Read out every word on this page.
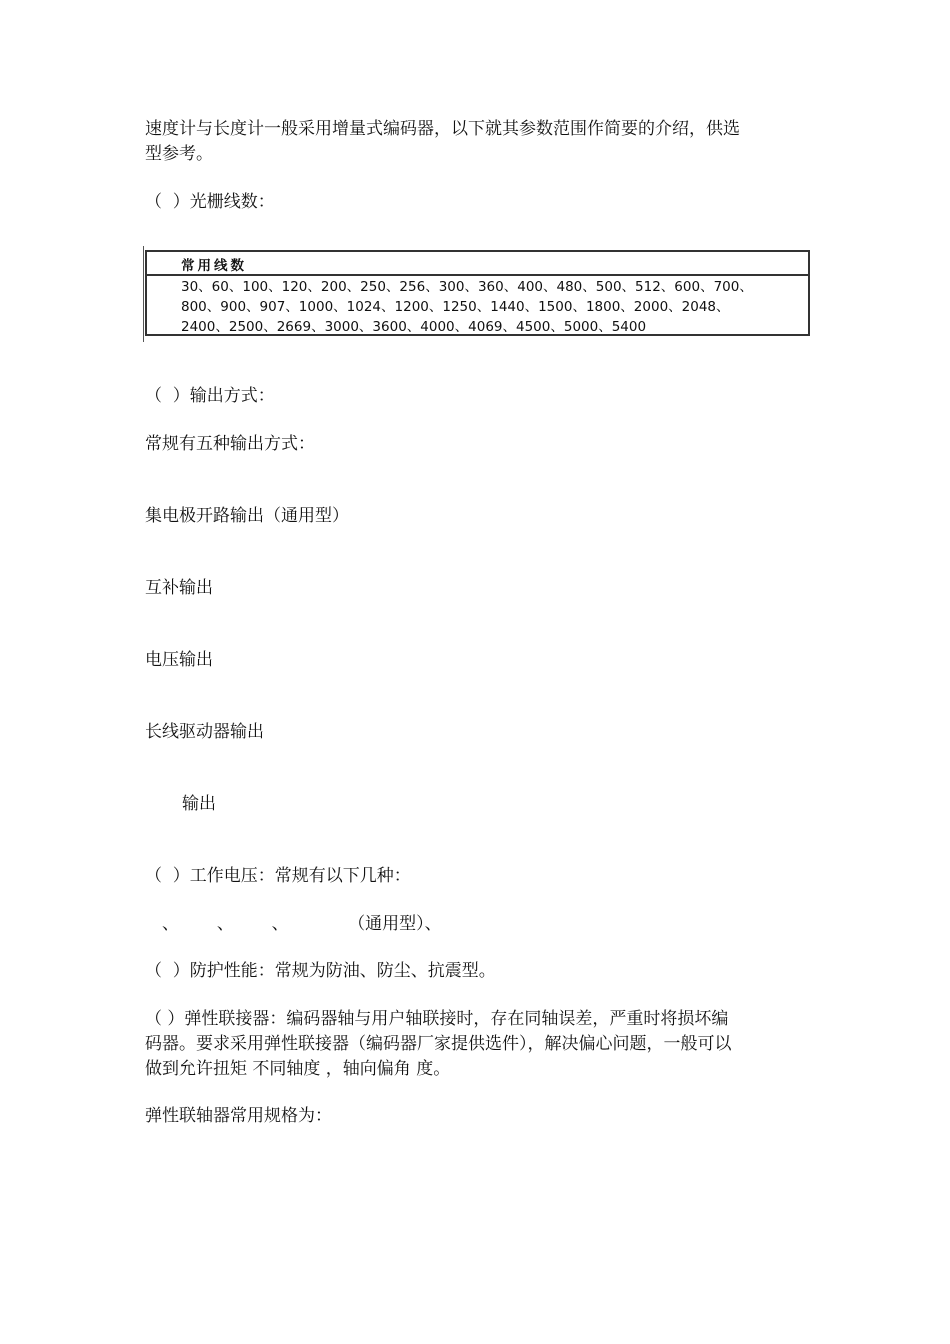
速度计与长度计一般采用增量式编码器，以下就其参数范围作简要的介绍，供选
型参考。

（  ）光栅线数：

常用线数
30、60、100、120、200、250、256、300、360、400、480、500、512、600、700、
800、900、907、1000、1024、1200、1250、1440、1500、1800、2000、2048、
2400、2500、2669、3000、3600、4000、4069、4500、5000、5400

（  ）输出方式：

常规有五种输出方式：

集电极开路输出（通用型）

互补输出

电压输出

长线驱动器输出

输出

（  ）工作电压：常规有以下几种：

、       、       、           （通用型）、

（  ）防护性能：常规为防油、防尘、抗震型。

（ ）弹性联接器：编码器轴与用户轴联接时，存在同轴误差，严重时将损坏编
码器。要求采用弹性联接器（编码器厂家提供选件），解决偏心问题，一般可以
做到允许扭矩 不同轴度 ，轴向偏角 度。

弹性联轴器常用规格为：
